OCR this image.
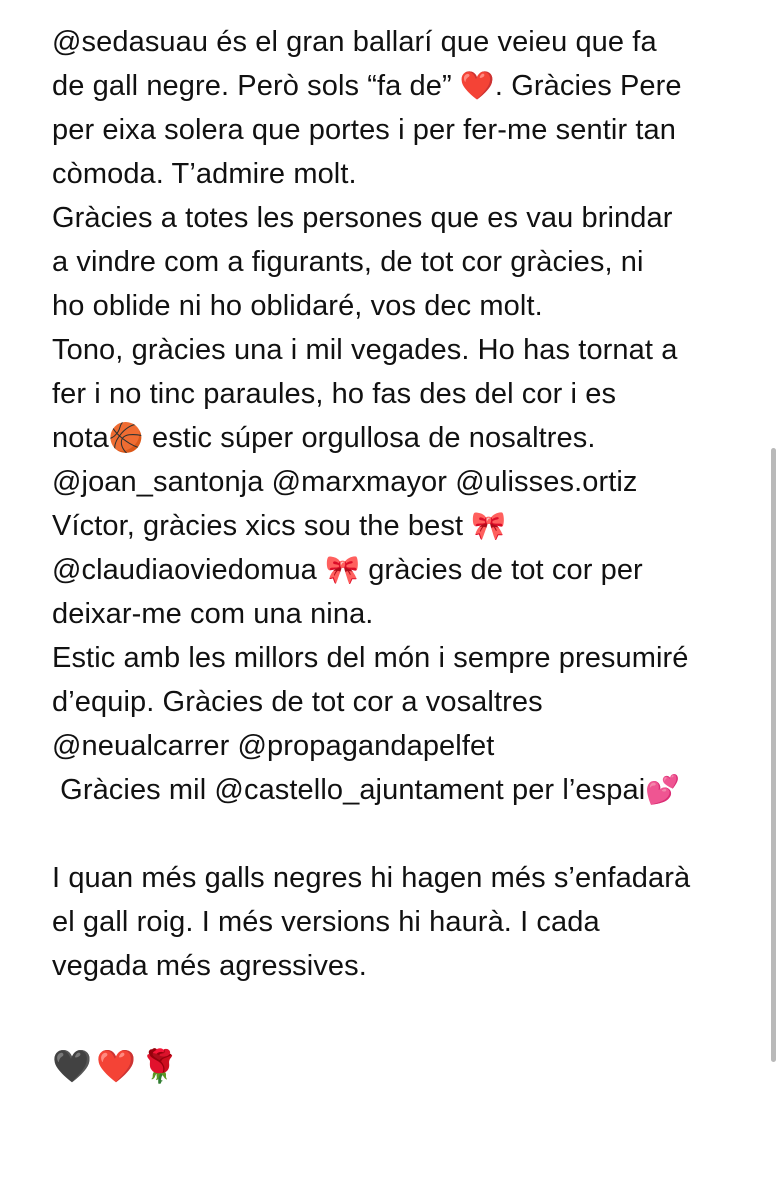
@sedasuau és el gran ballarí que veieu que fa
de gall negre. Però sols “fa de” ❤️. Gràcies Pere
per eixa solera que portes i per fer-me sentir tan
còmoda. T’admire molt.
Gràcies a totes les persones que es vau brindar
a vindre com a figurants, de tot cor gràcies, ni
ho oblide ni ho oblidaré, vos dec molt.
Tono, gràcies una i mil vegades. Ho has tornat a
fer i no tinc paraules, ho fas des del cor i es
nota🏀 estic súper orgullosa de nosaltres.
@joan_santonja @marxmayor @ulisses.ortiz
Víctor, gràcies xics sou the best 🎀
@claudiaoviedomua 🎀 gràcies de tot cor per
deixar-me com una nina.
Estic amb les millors del món i sempre presumiré
d’equip. Gràcies de tot cor a vosaltres
@neualcarrer @propagandapelfet
Gràcies mil @castello_ajuntament per l’espai💕
I quan més galls negres hi hagen més s’enfadarà
el gall roig. I més versions hi haurà. I cada
vegada més agressives.
🖤 ❤️ 🌹
